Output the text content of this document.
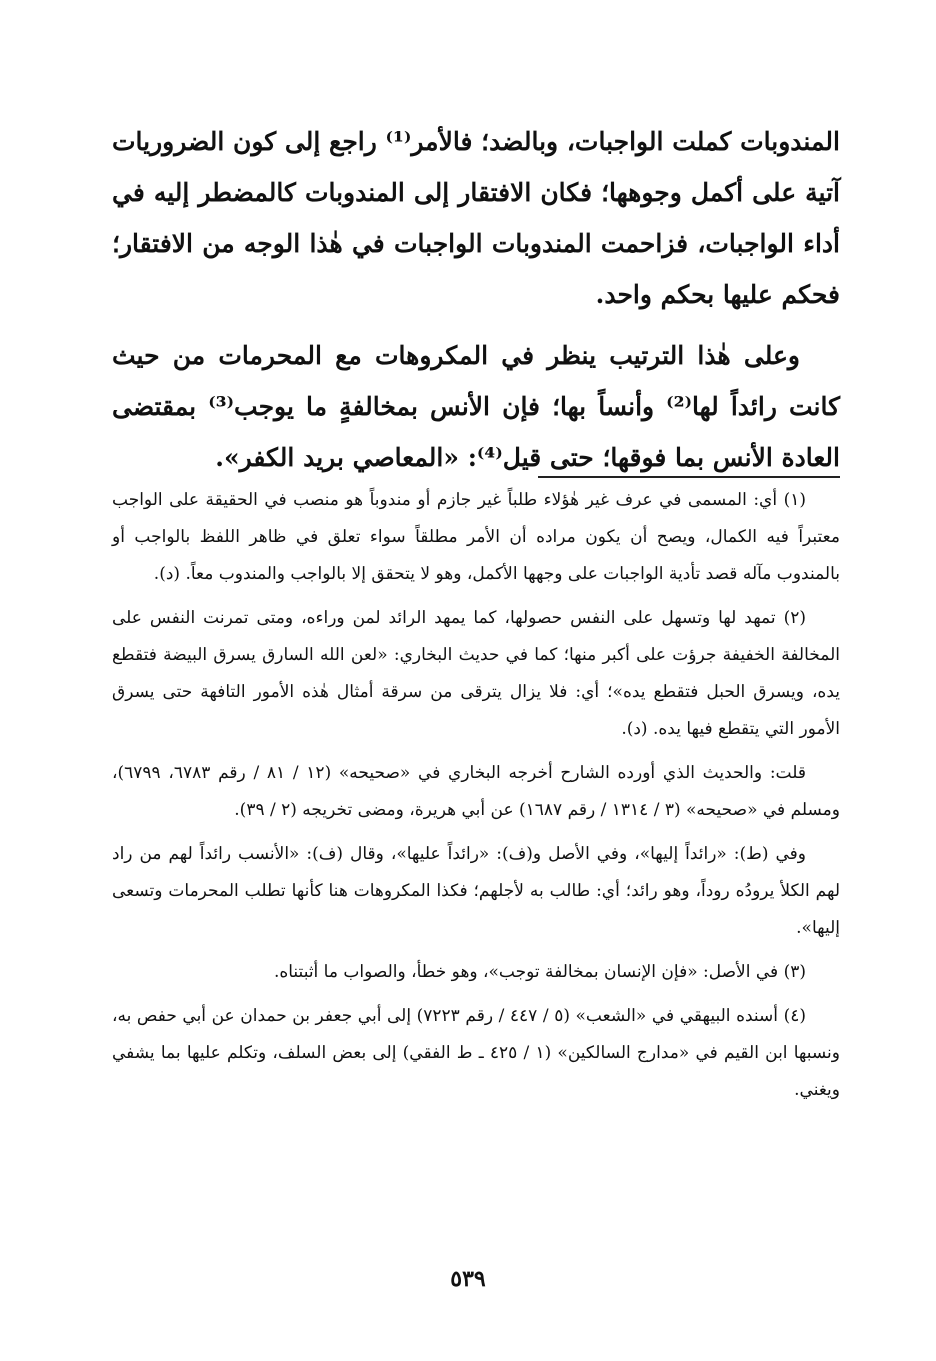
المندوبات كملت الواجبات، وبالضد؛ فالأمر⁽¹⁾ راجع إلى كون الضروريات آتية على أكمل وجوهها؛ فكان الافتقار إلى المندوبات كالمضطر إليه في أداء الواجبات، فزاحمت المندوبات الواجبات في هٰذا الوجه من الافتقار؛ فحكم عليها بحكم واحد.

وعلى هٰذا الترتيب ينظر في المكروهات مع المحرمات من حيث كانت رائداً لها⁽²⁾ وأنساً بها؛ فإن الأنس بمخالفةٍ ما يوجب⁽³⁾ بمقتضى العادة الأنس بما فوقها؛ حتى قيل⁽⁴⁾: «المعاصي بريد الكفر».

(١) أي: المسمى في عرف غير هٰؤلاء طلباً غير جازم أو مندوباً هو منصب في الحقيقة على الواجب معتبراً فيه الكمال، ويصح أن يكون مراده أن الأمر مطلقاً سواء تعلق في ظاهر اللفظ بالواجب أو بالمندوب مآله قصد تأدية الواجبات على وجهها الأكمل، وهو لا يتحقق إلا بالواجب والمندوب معاً. (د).

(٢) تمهد لها وتسهل على النفس حصولها، كما يمهد الرائد لمن وراءه، ومتى تمرنت النفس على المخالفة الخفيفة جرؤت على أكبر منها؛ كما في حديث البخاري: «لعن الله السارق يسرق البيضة فتقطع يده، ويسرق الحبل فتقطع يده»؛ أي: فلا يزال يترقى من سرقة أمثال هٰذه الأمور التافهة حتى يسرق الأمور التي يتقطع فيها يده. (د).

قلت: والحديث الذي أورده الشارح أخرجه البخاري في «صحيحه» (١٢ / ٨١ / رقم ٦٧٨٣، ٦٧٩٩)، ومسلم في «صحيحه» (٣ / ١٣١٤ / رقم ١٦٨٧) عن أبي هريرة، ومضى تخريجه (٢ / ٣٩).

وفي (ط): «رائداً إليها»، وفي الأصل و(ف): «رائداً عليها»، وقال (ف): «الأنسب رائداً لهم من راد لهم الكلأ يرودُه روداً، وهو رائد؛ أي: طالب به لأجلهم؛ فكذا المكروهات هنا كأنها تطلب المحرمات وتسعى إليها».

(٣) في الأصل: «فإن الإنسان بمخالفة توجب»، وهو خطأ، والصواب ما أثبتناه.

(٤) أسنده البيهقي في «الشعب» (٥ / ٤٤٧ / رقم ٧٢٢٣) إلى أبي جعفر بن حمدان عن أبي حفص به، ونسبها ابن القيم في «مدارج السالكين» (١ / ٤٢٥ ـ ط الفقي) إلى بعض السلف، وتكلم عليها بما يشفي ويغني.

٥٣٩
